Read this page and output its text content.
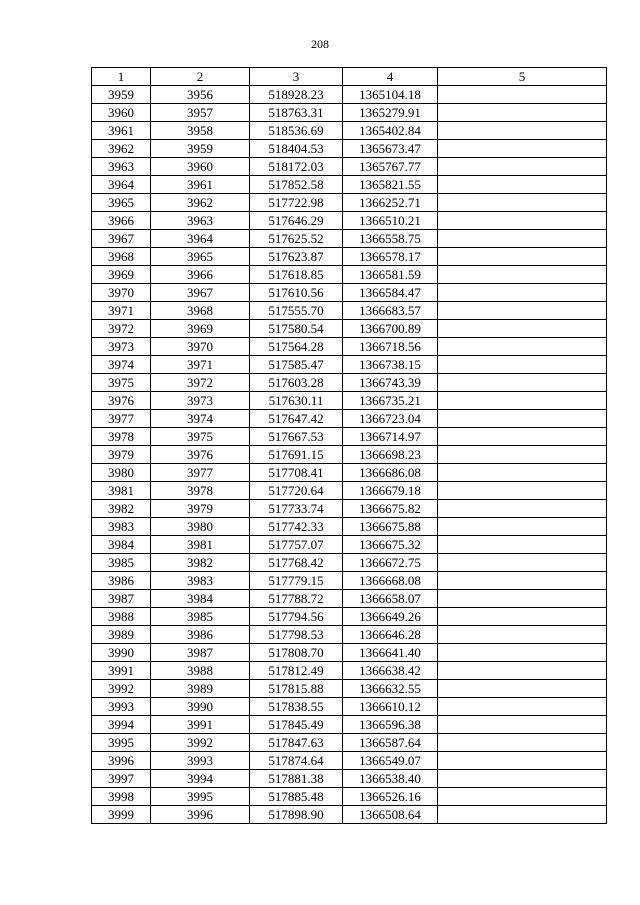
208
1	2	3	4	5
3959	3956	518928.23	1365104.18	
3960	3957	518763.31	1365279.91	
3961	3958	518536.69	1365402.84	
3962	3959	518404.53	1365673.47	
3963	3960	518172.03	1365767.77	
3964	3961	517852.58	1365821.55	
3965	3962	517722.98	1366252.71	
3966	3963	517646.29	1366510.21	
3967	3964	517625.52	1366558.75	
3968	3965	517623.87	1366578.17	
3969	3966	517618.85	1366581.59	
3970	3967	517610.56	1366584.47	
3971	3968	517555.70	1366683.57	
3972	3969	517580.54	1366700.89	
3973	3970	517564.28	1366718.56	
3974	3971	517585.47	1366738.15	
3975	3972	517603.28	1366743.39	
3976	3973	517630.11	1366735.21	
3977	3974	517647.42	1366723.04	
3978	3975	517667.53	1366714.97	
3979	3976	517691.15	1366698.23	
3980	3977	517708.41	1366686.08	
3981	3978	517720.64	1366679.18	
3982	3979	517733.74	1366675.82	
3983	3980	517742.33	1366675.88	
3984	3981	517757.07	1366675.32	
3985	3982	517768.42	1366672.75	
3986	3983	517779.15	1366668.08	
3987	3984	517788.72	1366658.07	
3988	3985	517794.56	1366649.26	
3989	3986	517798.53	1366646.28	
3990	3987	517808.70	1366641.40	
3991	3988	517812.49	1366638.42	
3992	3989	517815.88	1366632.55	
3993	3990	517838.55	1366610.12	
3994	3991	517845.49	1366596.38	
3995	3992	517847.63	1366587.64	
3996	3993	517874.64	1366549.07	
3997	3994	517881.38	1366538.40	
3998	3995	517885.48	1366526.16	
3999	3996	517898.90	1366508.64	
